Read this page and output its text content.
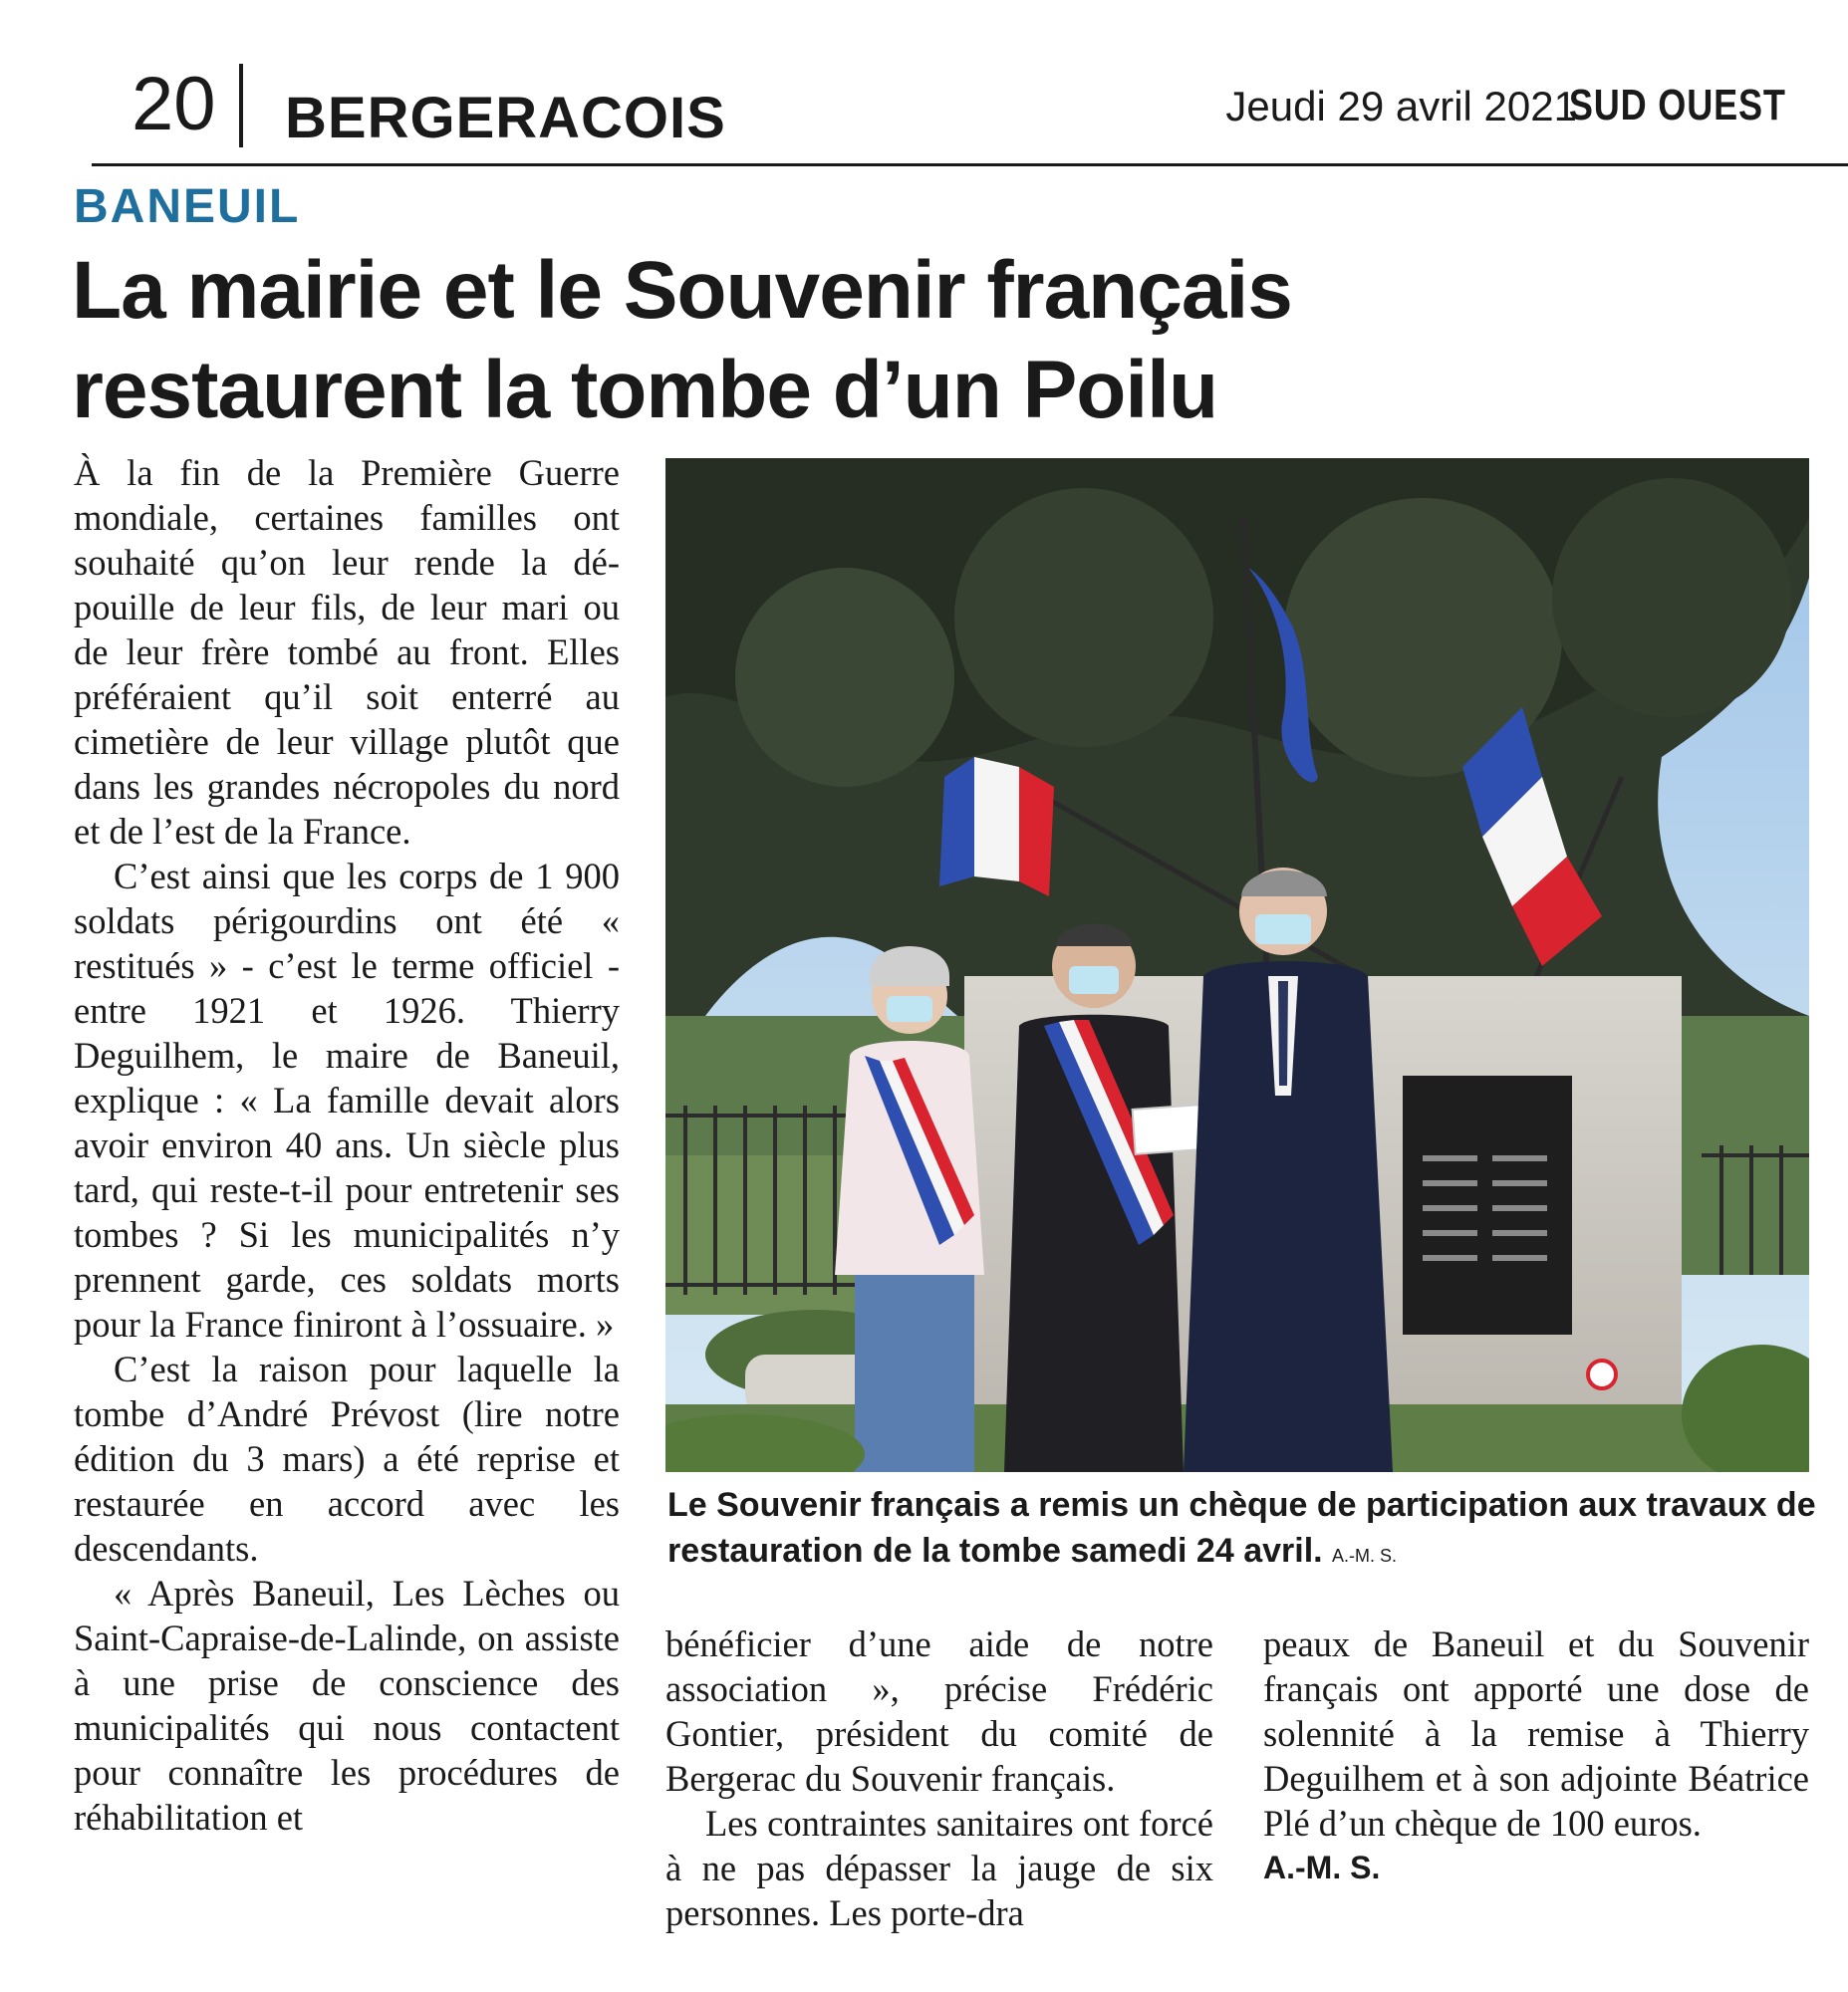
20 BERGERACOIS	Jeudi 29 avril 2021
SUD OUEST
BANEUIL
La mairie et le Souvenir français
restaurent la tombe d’un Poilu

À la fin de la Première Guerre mondiale, certaines familles ont souhaité qu’on leur rende la dépouille de leur fils, de leur mari ou de leur frère tombé au front. Elles préféraient qu’il soit enterré au cimetière de leur village plutôt que dans les grandes nécropoles du nord et de l’est de la France.

C’est ainsi que les corps de 1 900 soldats périgourdins ont été « restitués » - c’est le terme officiel - entre 1921 et 1926. Thierry Deguilhem, le maire de Baneuil, explique : « La famille devait alors avoir environ 40 ans. Un siècle plus tard, qui reste-t-il pour entretenir ses tombes ? Si les municipalités n’y prennent garde, ces soldats morts pour la France finiront à l’ossuaire. »

C’est la raison pour laquelle la tombe d’André Prévost (lire notre édition du 3 mars) a été reprise et restaurée en accord avec les descendants.

« Après Baneuil, Les Lèches ou Saint-Capraise-de-Lalinde, on assiste à une prise de conscience des municipalités qui nous contactent pour connaître les procédures de réhabilitation et

Le Souvenir français a remis un chèque de participation aux travaux de restauration de la tombe samedi 24 avril. A.-M. S.

bénéficier d’une aide de notre association », précise Frédéric Gontier, président du comité de Bergerac du Souvenir français.

Les contraintes sanitaires ont forcé à ne pas dépasser la jauge de six personnes. Les porte-dra

peaux de Baneuil et du Souvenir français ont apporté une dose de solennité à la remise à Thierry Deguilhem et à son adjointe Béatrice Plé d’un chèque de 100 euros.

A.-M. S.
